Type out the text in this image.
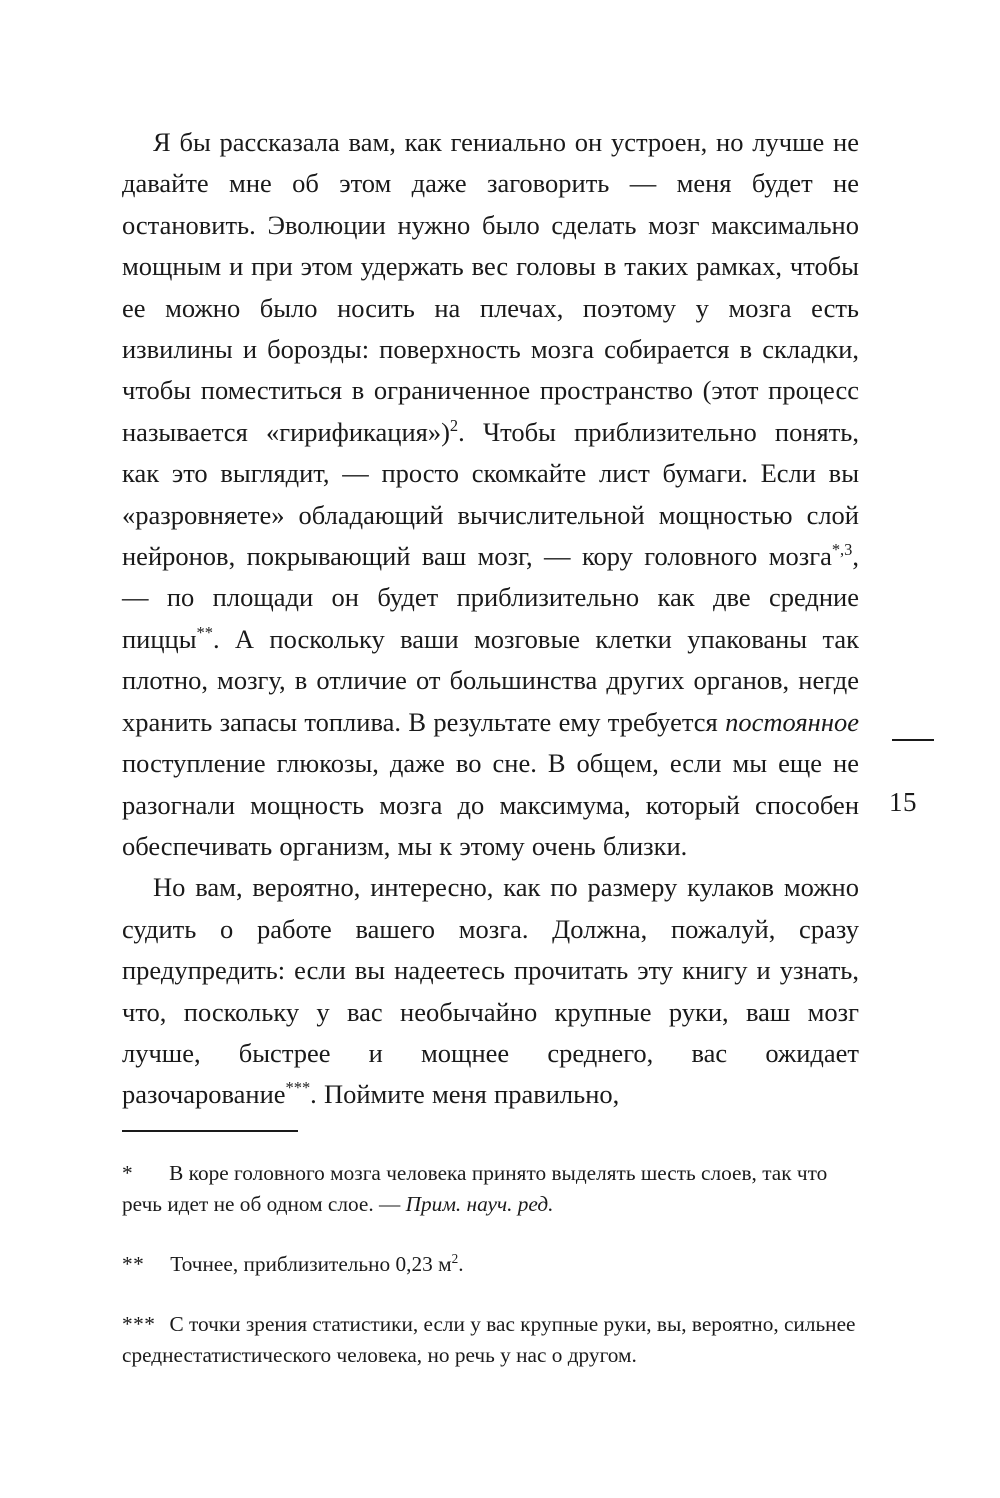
Я бы рассказала вам, как гениально он устроен, но лучше не давайте мне об этом даже заговорить — меня будет не остановить. Эволюции нужно было сделать мозг максимально мощным и при этом удержать вес головы в таких рамках, чтобы ее можно было носить на плечах, поэтому у мозга есть извилины и борозды: поверхность мозга собирается в складки, чтобы поместиться в ограниченное пространство (этот процесс называется «гирификация»)$^2$. Чтобы приблизительно понять, как это выглядит, — просто скомкайте лист бумаги. Если вы «разровняете» обладающий вычислительной мощностью слой нейронов, покрывающий ваш мозг, — кору головного мозга$^{*,3}$, — по площади он будет приблизительно как две средние пиццы**. А поскольку ваши мозговые клетки упакованы так плотно, мозгу, в отличие от большинства других органов, негде хранить запасы топлива. В результате ему требуется постоянное поступление глюкозы, даже во сне. В общем, если мы еще не разогнали мощность мозга до максимума, который способен обеспечивать организм, мы к этому очень близки.

Но вам, вероятно, интересно, как по размеру кулаков можно судить о работе вашего мозга. Должна, пожалуй, сразу предупредить: если вы надеетесь прочитать эту книгу и узнать, что, поскольку у вас необычайно крупные руки, ваш мозг лучше, быстрее и мощнее среднего, вас ожидает разочарование***. Поймите меня правильно,

15
* В коре головного мозга человека принято выделять шесть слоев, так что речь идет не об одном слое. — Прим. науч. ред.
** Точнее, приблизительно 0,23 $м^2$.
*** С точки зрения статистики, если у вас крупные руки, вы, вероятно, сильнее среднестатистического человека, но речь у нас о другом.
